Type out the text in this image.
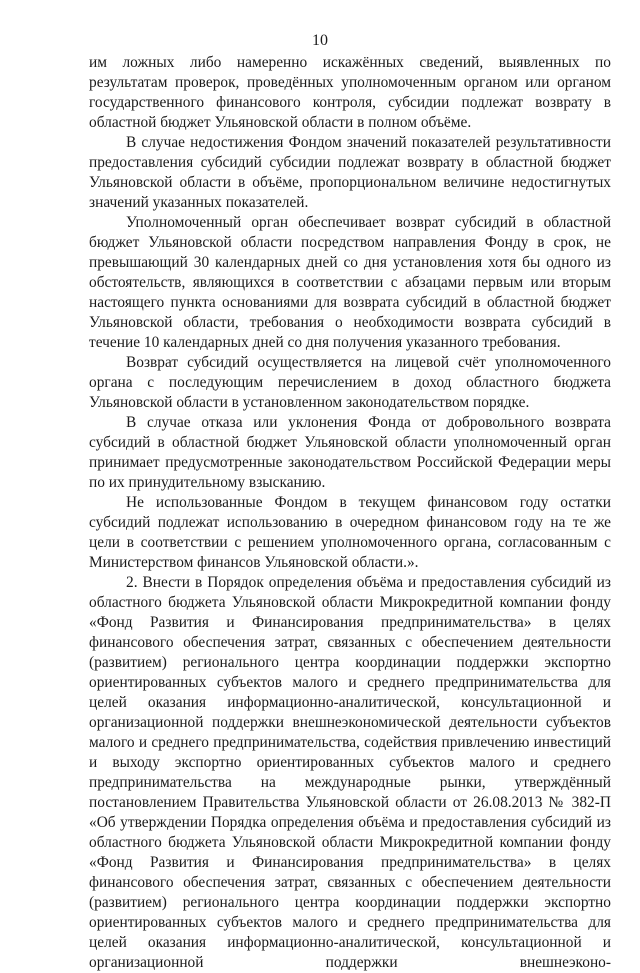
10

им ложных либо намеренно искажённых сведений, выявленных по результатам проверок, проведённых уполномоченным органом или органом государственного финансового контроля, субсидии подлежат возврату в областной бюджет Ульяновской области в полном объёме.

В случае недостижения Фондом значений показателей результативности предоставления субсидий субсидии подлежат возврату в областной бюджет Ульяновской области в объёме, пропорциональном величине недостигнутых значений указанных показателей.

Уполномоченный орган обеспечивает возврат субсидий в областной бюджет Ульяновской области посредством направления Фонду в срок, не превышающий 30 календарных дней со дня установления хотя бы одного из обстоятельств, являющихся в соответствии с абзацами первым или вторым настоящего пункта основаниями для возврата субсидий в областной бюджет Ульяновской области, требования о необходимости возврата субсидий в течение 10 календарных дней со дня получения указанного требования.

Возврат субсидий осуществляется на лицевой счёт уполномоченного органа с последующим перечислением в доход областного бюджета Ульяновской области в установленном законодательством порядке.

В случае отказа или уклонения Фонда от добровольного возврата субсидий в областной бюджет Ульяновской области уполномоченный орган принимает предусмотренные законодательством Российской Федерации меры по их принудительному взысканию.

Не использованные Фондом в текущем финансовом году остатки субсидий подлежат использованию в очередном финансовом году на те же цели в соответствии с решением уполномоченного органа, согласованным с Министерством финансов Ульяновской области.».

2. Внести в Порядок определения объёма и предоставления субсидий из областного бюджета Ульяновской области Микрокредитной компании фонду «Фонд Развития и Финансирования предпринимательства» в целях финансового обеспечения затрат, связанных с обеспечением деятельности (развитием) регионального центра координации поддержки экспортно ориентированных субъектов малого и среднего предпринимательства для целей оказания информационно-аналитической, консультационной и организационной поддержки внешнеэкономической деятельности субъектов малого и среднего предпринимательства, содействия привлечению инвестиций и выходу экспортно ориентированных субъектов малого и среднего предпринимательства на международные рынки, утверждённый постановлением Правительства Ульяновской области от 26.08.2013 № 382-П «Об утверждении Порядка определения объёма и предоставления субсидий из областного бюджета Ульяновской области Микрокредитной компании фонду «Фонд Развития и Финансирования предпринимательства» в целях финансового обеспечения затрат, связанных с обеспечением деятельности (развитием) регионального центра координации поддержки экспортно ориентированных субъектов малого и среднего предпринимательства для целей оказания информационно-аналитической, консультационной и организационной поддержки внешнеэконо-
